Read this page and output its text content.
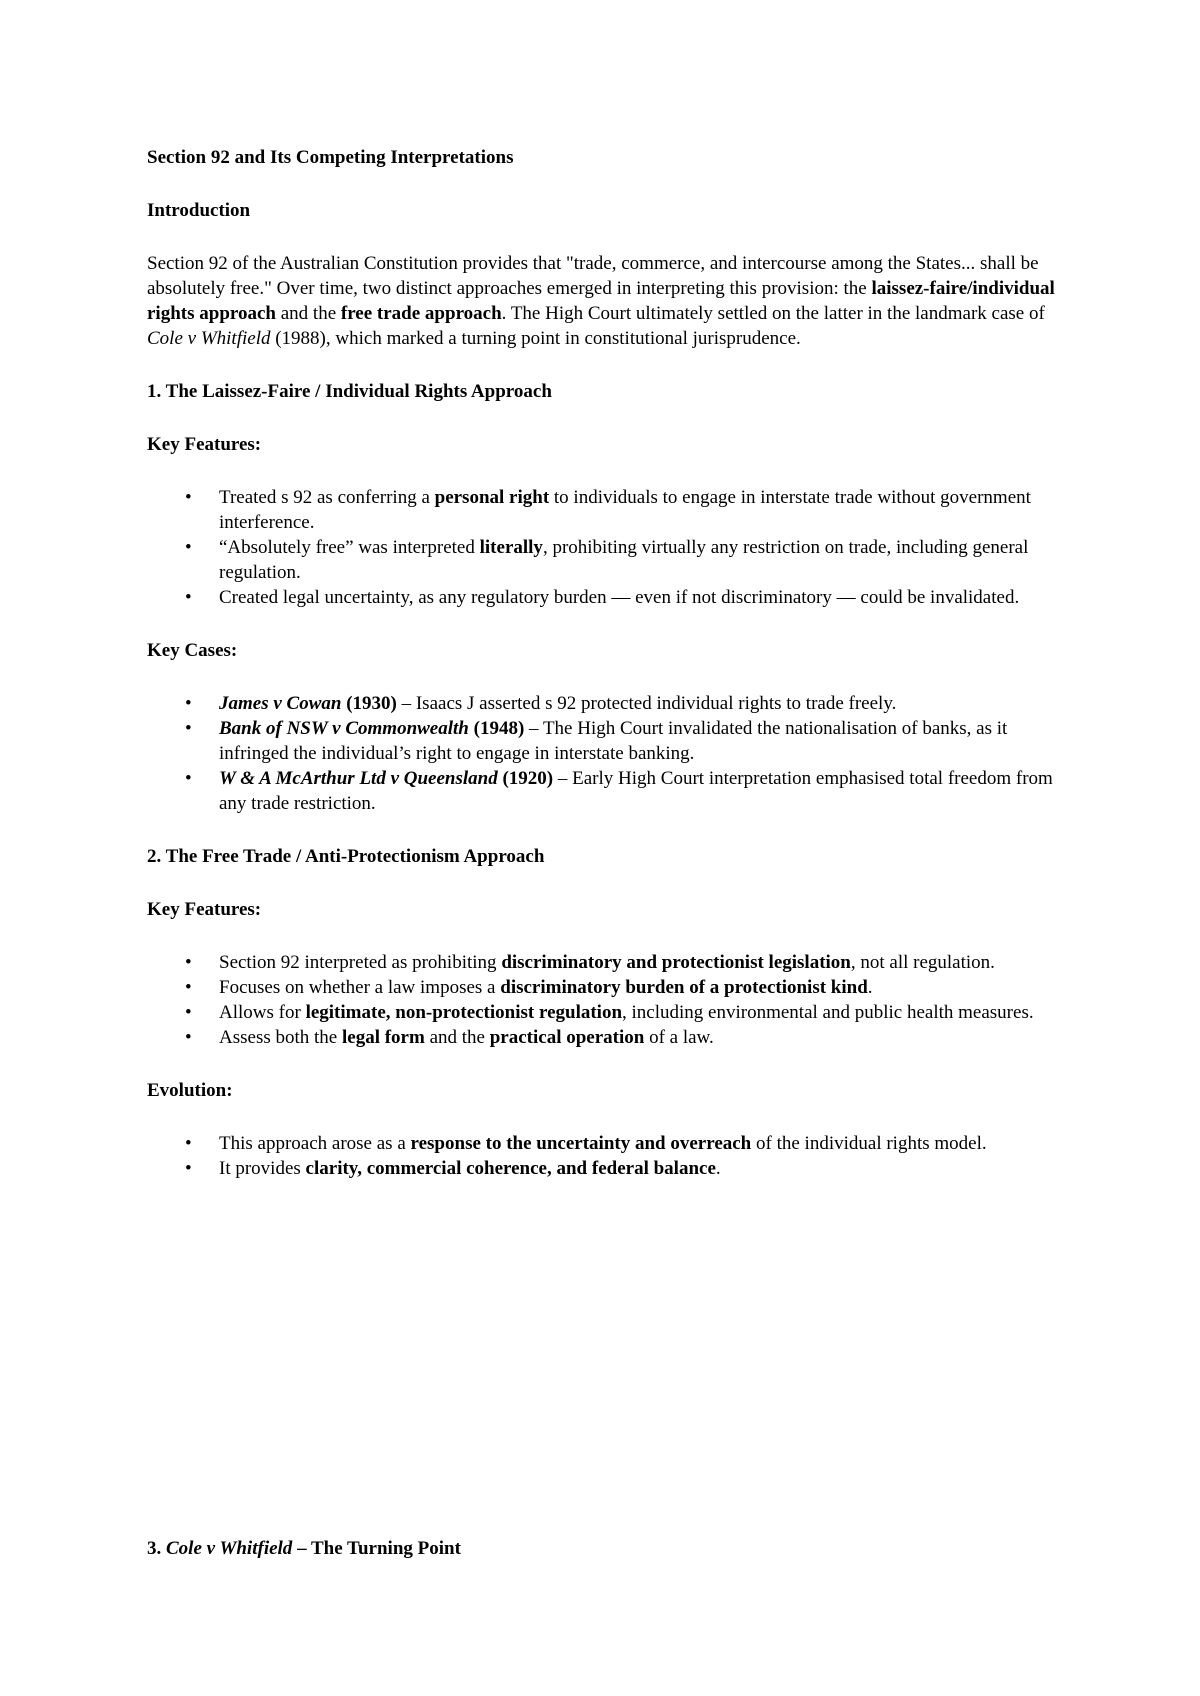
Section 92 and Its Competing Interpretations

Introduction

Section 92 of the Australian Constitution provides that "trade, commerce, and intercourse among the States... shall be absolutely free." Over time, two distinct approaches emerged in interpreting this provision: the laissez-faire/individual rights approach and the free trade approach. The High Court ultimately settled on the latter in the landmark case of Cole v Whitfield (1988), which marked a turning point in constitutional jurisprudence.

1. The Laissez-Faire / Individual Rights Approach

Key Features:

• Treated s 92 as conferring a personal right to individuals to engage in interstate trade without government interference.
• “Absolutely free” was interpreted literally, prohibiting virtually any restriction on trade, including general regulation.
• Created legal uncertainty, as any regulatory burden — even if not discriminatory — could be invalidated.

Key Cases:

• James v Cowan (1930) – Isaacs J asserted s 92 protected individual rights to trade freely.
• Bank of NSW v Commonwealth (1948) – The High Court invalidated the nationalisation of banks, as it infringed the individual’s right to engage in interstate banking.
• W & A McArthur Ltd v Queensland (1920) – Early High Court interpretation emphasised total freedom from any trade restriction.

2. The Free Trade / Anti-Protectionism Approach

Key Features:

• Section 92 interpreted as prohibiting discriminatory and protectionist legislation, not all regulation.
• Focuses on whether a law imposes a discriminatory burden of a protectionist kind.
• Allows for legitimate, non-protectionist regulation, including environmental and public health measures.
• Assess both the legal form and the practical operation of a law.

Evolution:

• This approach arose as a response to the uncertainty and overreach of the individual rights model.
• It provides clarity, commercial coherence, and federal balance.

3. Cole v Whitfield – The Turning Point
